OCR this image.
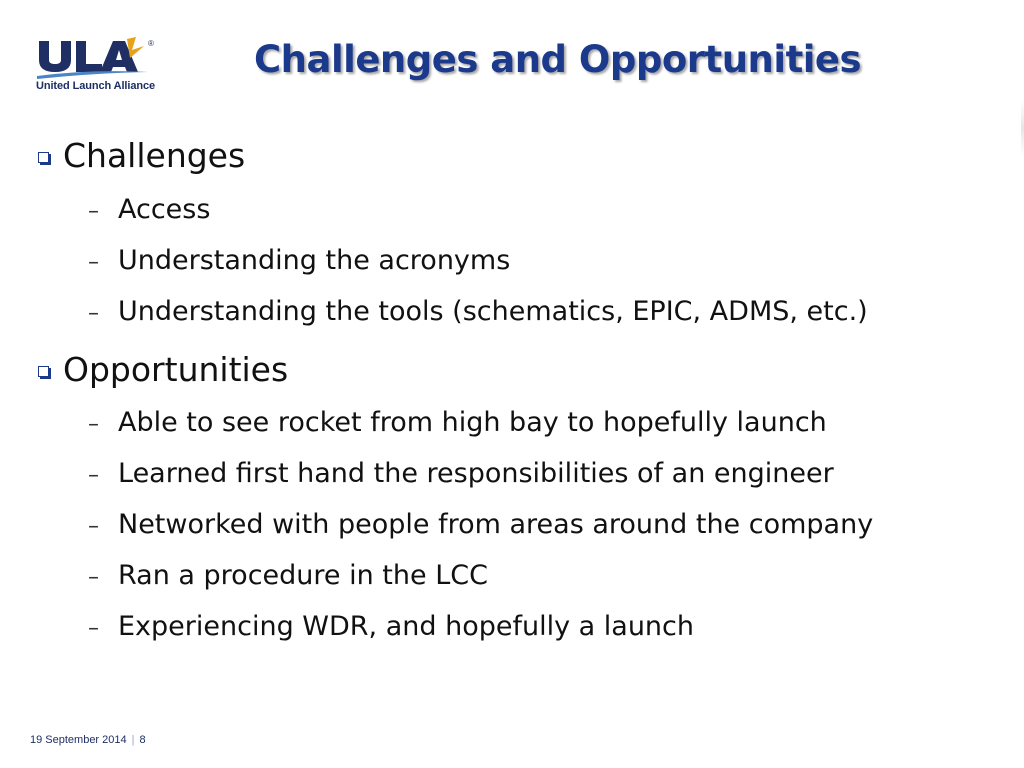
®
United Launch Alliance
Challenges and Opportunities
Challenges
– Access
– Understanding the acronyms
– Understanding the tools (schematics, EPIC, ADMS, etc.)
Opportunities
– Able to see rocket from high bay to hopefully launch
– Learned first hand the responsibilities of an engineer
– Networked with people from areas around the company
– Ran a procedure in the LCC
– Experiencing WDR, and hopefully a launch
19 September 2014 | 8
